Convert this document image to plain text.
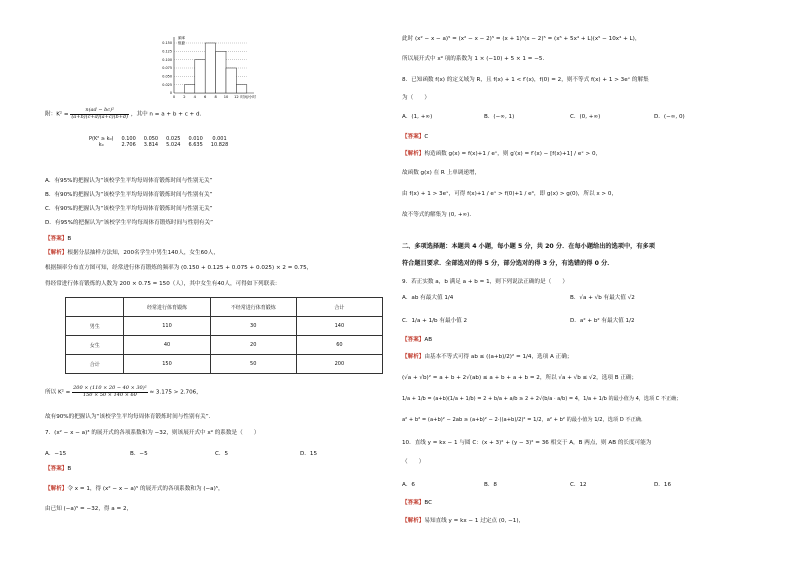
频率
组距
0.150
0.125
0.100
0.075
0.050
0.025
0
0 2 4 6 8 10 12 时间/小时
附：$K^2 = \frac{\text{n(ad − bc)²}}{(a+b)(c+d)(a+c)(b+d)}$ ，其中 n = a + b + c + d．
P(K² ≥ k₀)	0.100	0.050	0.025	0.010	0.001
k₀	2.706	3.814	5.024	6.635	10.828
A．有95%的把握认为“该校学生平均每周体育锻炼时间与性别无关”
B．有90%的把握认为“该校学生平均每周体育锻炼时间与性别有关”
C．有90%的把握认为“该校学生平均每周体育锻炼时间与性别无关”
D．有95%的把握认为“该校学生平均每周体育锻炼时间与性别有关”
【答案】B
【解析】根据分层抽样方法知，200名学生中男生140人，女生60人，
根据频率分布直方图可知，经常进行体育锻炼的频率为 (0.150 + 0.125 + 0.075 + 0.025) × 2 = 0.75，
得经常进行体育锻炼的人数为 200 × 0.75 = 150（人），其中女生有40人，可得如下列联表：
	经常进行体育锻炼	不经常进行体育锻炼	合计
男生	110	30	140
女生	40	20	60
合计	150	50	200
所以 $K^2 = \frac{\text{200 × (110 × 20 − 40 × 30)²}}{150 \times 50 \times 140 \times 60} \approx 3.175 > 2.706$，
故有90%的把握认为“该校学生平均每周体育锻炼时间与性别有关”．
7．(x² − x − a)³ 的展开式的各项系数和为 −32，则该展开式中 x⁹ 的系数是（　　）
A．−15	B．−5	C．5	D．15
【答案】B
【解析】令 x = 1，得 (x² − x − a)⁵ 的展开式的各项系数和为 (−a)⁵，
由已知 (−a)⁵ = −32，得 a = 2，
此时 (x² − x − a)⁵ = (x² − x − 2)⁵ = (x + 1)⁵(x − 2)⁵ = (x⁵ + 5x⁴ + L)(x⁵ − 10x⁴ + L)，
所以展开式中 x⁹ 项的系数为 1 × (−10) + 5 × 1 = −5．
8．已知函数 f(x) 的定义域为 R，且 f(x) + 1 < f′(x)，f(0) = 2，则不等式 f(x) + 1 > 3eˣ 的解集
为（　　）
A．(1, +∞)	B．(−∞, 1)	C．(0, +∞)	D．(−∞, 0)
【答案】C
【解析】构造函数 g(x) = f(x)+1 / eˣ，则 g′(x) = f′(x) − [f(x)+1] / eˣ > 0，
故函数 g(x) 在 R 上单调递增，
由 f(x) + 1 > 3eˣ，可得 f(x)+1 / eˣ > f(0)+1 / e⁰，即 g(x) > g(0)，所以 x > 0，
故不等式的解集为 (0, +∞)．
二、多项选择题：本题共 4 小题，每小题 5 分，共 20 分．在每小题给出的选项中，有多项
符合题目要求．全部选对的得 5 分，部分选对的得 3 分，有选错的得 0 分．
9．若正实数 a，b 满足 a + b = 1，则下列说法正确的是（　　）
A．ab 有最大值 1/4	B．√a + √b 有最大值 √2
C．1/a + 1/b 有最小值 2	D．a² + b² 有最大值 1/2
【答案】AB
【解析】由基本不等式可得 ab ≤ ((a+b)/2)² = 1/4，选项 A 正确；
(√a + √b)² = a + b + 2√(ab) ≤ a + b + a + b = 2，所以 √a + √b ≤ √2，选项 B 正确；
1/a + 1/b = (a+b)(1/a + 1/b) = 2 + b/a + a/b ≥ 2 + 2√(b/a · a/b) = 4，1/a + 1/b 的最小值为 4，选项 C 不正确；
a² + b² = (a+b)² − 2ab ≥ (a+b)² − 2·((a+b)/2)² = 1/2，a² + b² 的最小值为 1/2，选项 D 不正确．
10．直线 y = kx − 1 与圆 C：(x + 3)² + (y − 3)² = 36 相交于 A，B 两点，则 AB 的长度可能为
（　　）
A．6	B．8	C．12	D．16
【答案】BC
【解析】易知直线 y = kx − 1 过定点 (0, −1)，
